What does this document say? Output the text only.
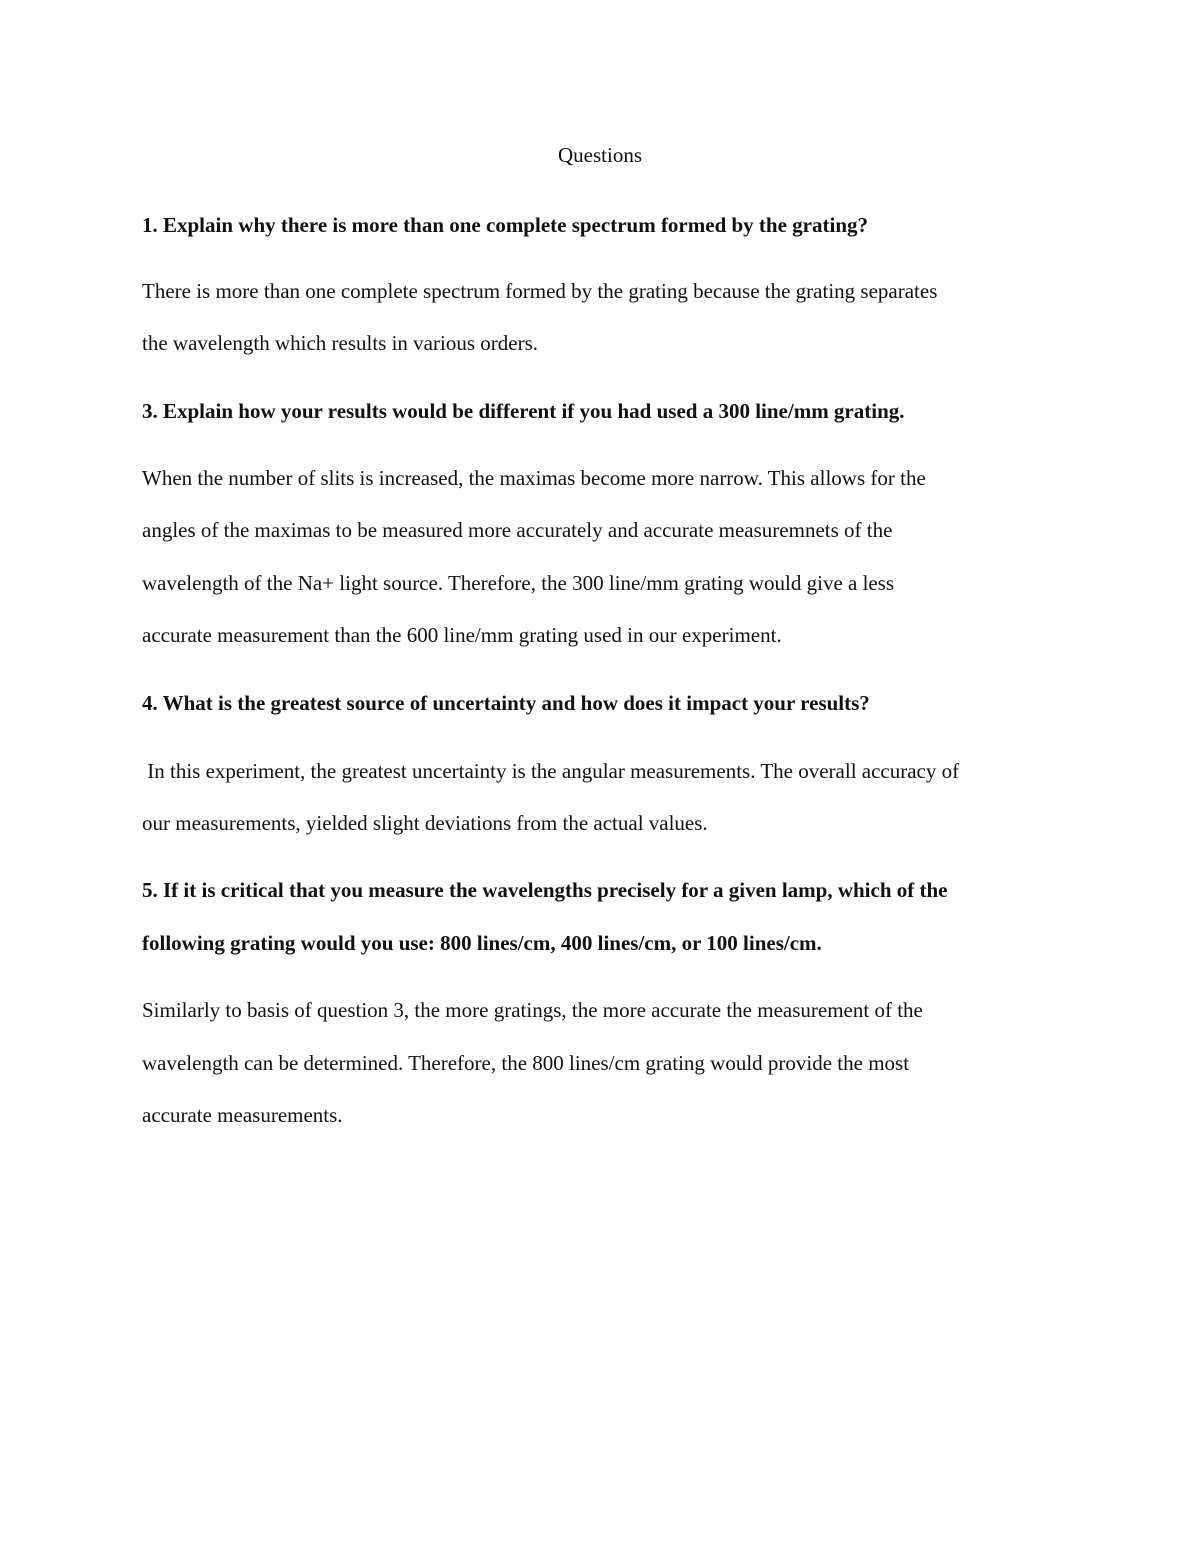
Questions

1. Explain why there is more than one complete spectrum formed by the grating?

There is more than one complete spectrum formed by the grating because the grating separates

the wavelength which results in various orders.

3. Explain how your results would be different if you had used a 300 line/mm grating.

When the number of slits is increased, the maximas become more narrow. This allows for the

angles of the maximas to be measured more accurately and accurate measuremnets of the

wavelength of the Na+ light source. Therefore, the 300 line/mm grating would give a less

accurate measurement than the 600 line/mm grating used in our experiment.

4. What is the greatest source of uncertainty and how does it impact your results?

In this experiment, the greatest uncertainty is the angular measurements. The overall accuracy of

our measurements, yielded slight deviations from the actual values.

5. If it is critical that you measure the wavelengths precisely for a given lamp, which of the

following grating would you use: 800 lines/cm, 400 lines/cm, or 100 lines/cm.

Similarly to basis of question 3, the more gratings, the more accurate the measurement of the

wavelength can be determined. Therefore, the 800 lines/cm grating would provide the most

accurate measurements.
